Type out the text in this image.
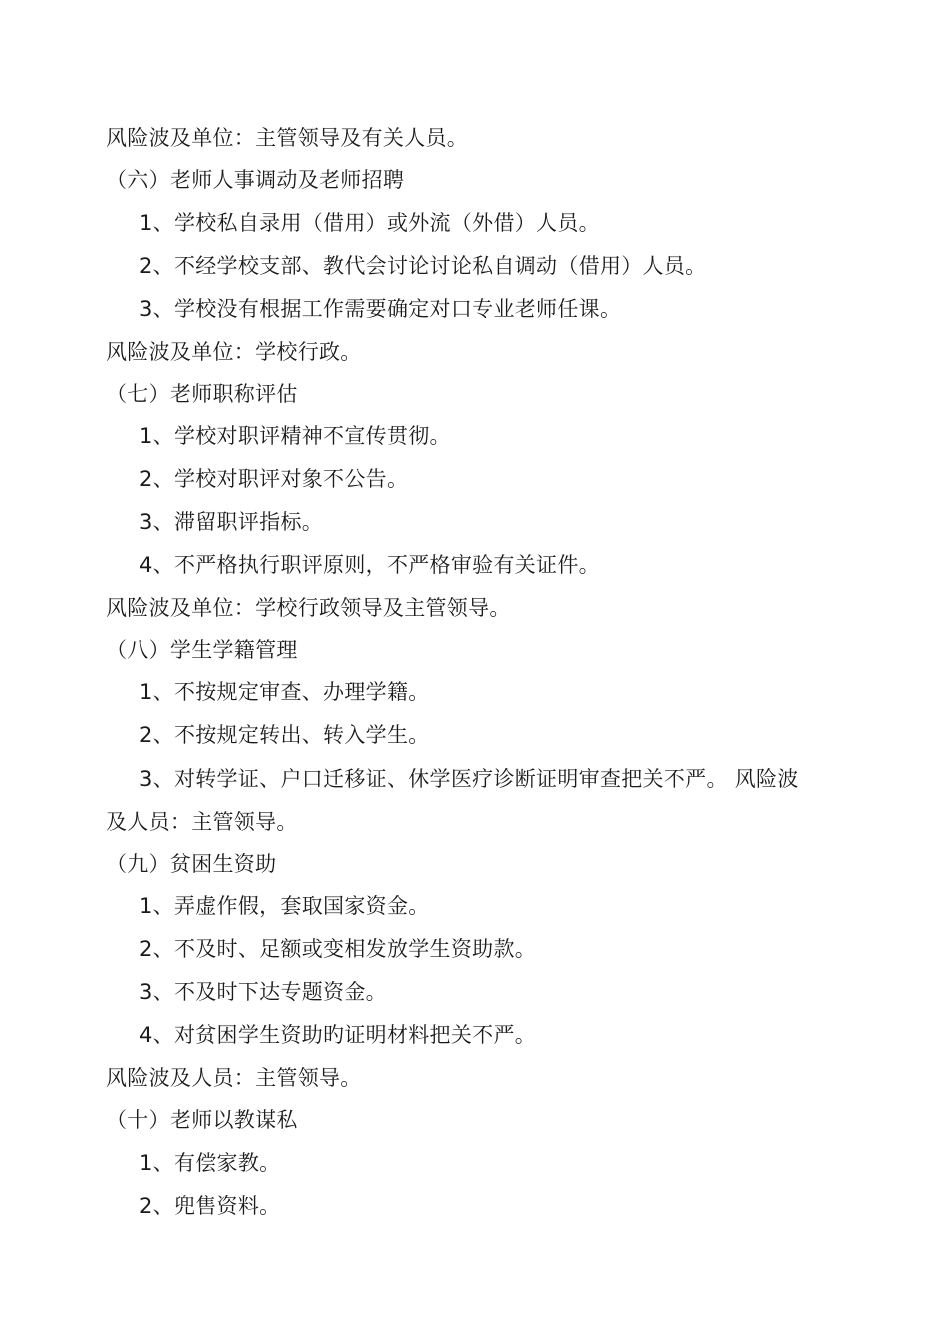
风险波及单位：主管领导及有关人员。
（六）老师人事调动及老师招聘
1、学校私自录用（借用）或外流（外借）人员。
2、不经学校支部、教代会讨论讨论私自调动（借用）人员。
3、学校没有根据工作需要确定对口专业老师任课。
风险波及单位：学校行政。
（七）老师职称评估
1、学校对职评精神不宣传贯彻。
2、学校对职评对象不公告。
3、滞留职评指标。
4、不严格执行职评原则，不严格审验有关证件。
风险波及单位：学校行政领导及主管领导。
（八）学生学籍管理
1、不按规定审查、办理学籍。
2、不按规定转出、转入学生。
3、对转学证、户口迁移证、休学医疗诊断证明审查把关不严。 风险波
及人员：主管领导。
（九）贫困生资助
1、弄虚作假，套取国家资金。
2、不及时、足额或变相发放学生资助款。
3、不及时下达专题资金。
4、对贫困学生资助旳证明材料把关不严。
风险波及人员：主管领导。
（十）老师以教谋私
1、有偿家教。
2、兜售资料。
